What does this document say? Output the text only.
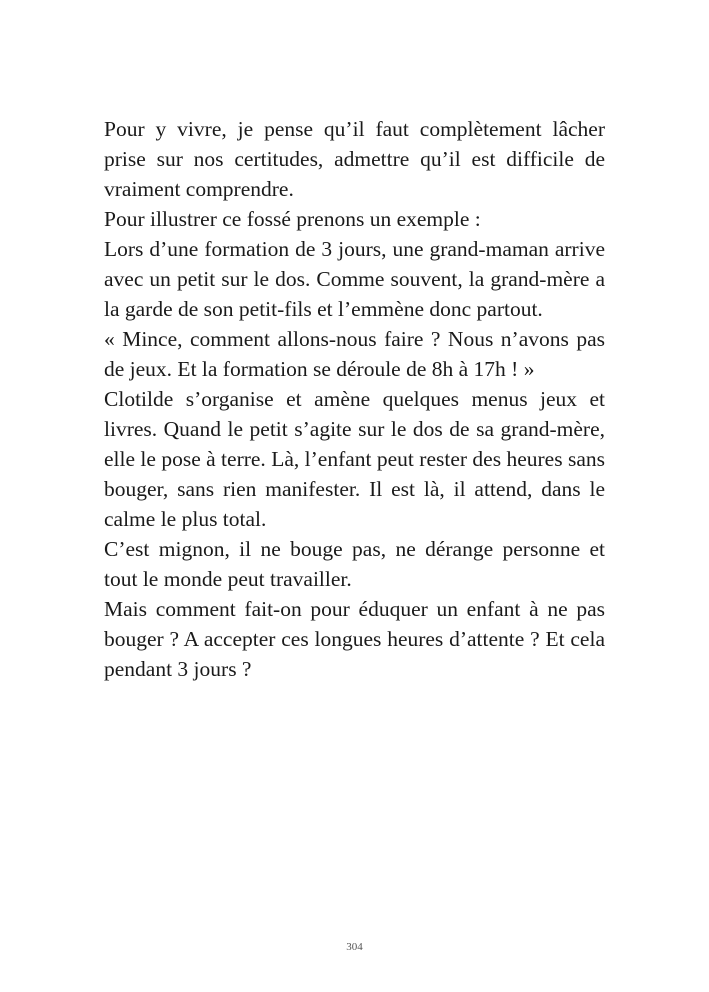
Pour y vivre, je pense qu’il faut complètement lâcher prise sur nos certitudes, admettre qu’il est difficile de vraiment comprendre.

Pour illustrer ce fossé prenons un exemple :

Lors d’une formation de 3 jours, une grand-maman arrive avec un petit sur le dos. Comme souvent, la grand-mère a la garde de son petit-fils et l’emmène donc partout.

« Mince, comment allons-nous faire ? Nous n’avons pas de jeux. Et la formation se déroule de 8h à 17h ! »

Clotilde s’organise et amène quelques menus jeux et livres. Quand le petit s’agite sur le dos de sa grand-mère, elle le pose à terre. Là, l’enfant peut rester des heures sans bouger, sans rien manifester. Il est là, il attend, dans le calme le plus total.

C’est mignon, il ne bouge pas, ne dérange personne et tout le monde peut travailler.

Mais comment fait-on pour éduquer un enfant à ne pas bouger ? A accepter ces longues heures d’attente ? Et cela pendant 3 jours ?

304
